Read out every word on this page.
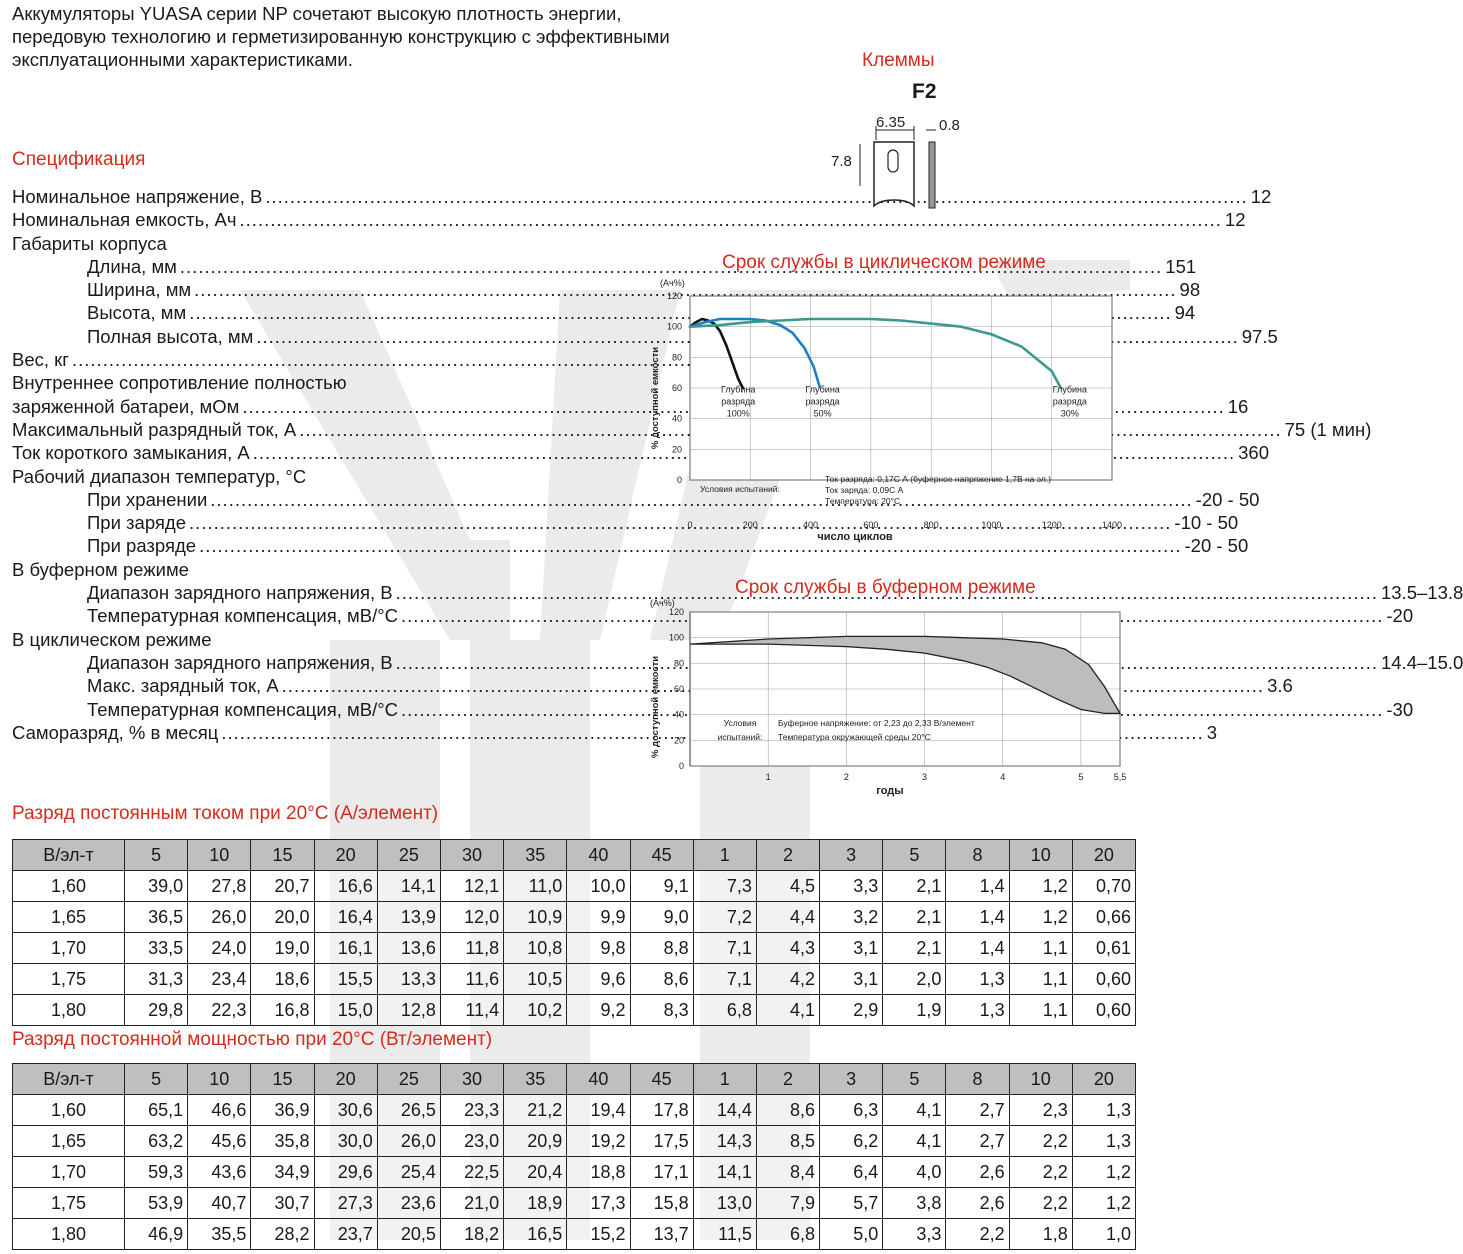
Аккумуляторы YUASA серии NP сочетают высокую плотность энергии, передовую технологию и герметизированную конструкцию с эффективными эксплуатационными характеристиками.

Спецификация
Номинальное напряжение, В .....	12
Номинальная емкость, Ач .....	12
Габариты корпуса
Длина, мм .....	151
Ширина, мм .....	98
Высота, мм .....	94
Полная высота, мм .....	97.5
Вес, кг
.....
Внутреннее сопротивление полностью
заряженной батареи, мОм .....	16
Максимальный разрядный ток, А .....	75 (1 мин)
Ток короткого замыкания, А .....	360
Рабочий диапазон температур, °С
При хранении .....	-20 - 50
При заряде .....	-10 - 50
При разряде .....	-20 - 50
В буферном режиме
Диапазон зарядного напряжения, В .....	13.5–13.8
Температурная компенсация, мВ/°С .....	-20
В циклическом режиме
Диапазон зарядного напряжения, В .....	14.4–15.0
Макс. зарядный ток, А .....	3.6
Температурная компенсация, мВ/°С .....	-30
Саморазряд, % в месяц .....	3
Клеммы

F2

6.35 0.8
7.8
Срок службы в циклическом режиме
0	200	400	600	800	1000	1200	1400
0
20
40
60
80
100
120
(Ач%)
число циклов
% доступной емкости	Глубина разряда 100%
Глубина разряда 50%
Глубина разряда 30%
Условия испытаний:
Ток разряда: 0,17С А (буферное напряжение 1,7В на эл.)
Ток заряда: 0,09С А
Температура: 20°С
Срок службы в буферном режиме
1	2	3	4	5	5,5
0
20
40
60
80
100
120
(Ач%)
годы
% доступной емкости	Условия испытаний:
Буферное напряжение: от 2,23 до 2,33 В/элемент
Температура окружающей среды 20°С
Разряд постоянным током при 20°С (А/элемент)
В/эл-т	5	10	15	20	25	30	35	40	45	1	2	3	5	8	10	20
1,60	39,0	27,8	20,7	16,6	14,1	12,1	11,0	10,0	9,1	7,3	4,5	3,3	2,1	1,4	1,2	0,70
1,65	36,5	26,0	20,0	16,4	13,9	12,0	10,9	9,9	9,0	7,2	4,4	3,2	2,1	1,4	1,2	0,66
1,70	33,5	24,0	19,0	16,1	13,6	11,8	10,8	9,8	8,8	7,1	4,3	3,1	2,1	1,4	1,1	0,61
1,75	31,3	23,4	18,6	15,5	13,3	11,6	10,5	9,6	8,6	7,1	4,2	3,1	2,0	1,3	1,1	0,60
1,80	29,8	22,3	16,8	15,0	12,8	11,4	10,2	9,2	8,3	6,8	4,1	2,9	1,9	1,3	1,1	0,60
Разряд постоянной мощностью при 20°С (Вт/элемент)
В/эл-т	5	10	15	20	25	30	35	40	45	1	2	3	5	8	10	20
1,60	65,1	46,6	36,9	30,6	26,5	23,3	21,2	19,4	17,8	14,4	8,6	6,3	4,1	2,7	2,3	1,3
1,65	63,2	45,6	35,8	30,0	26,0	23,0	20,9	19,2	17,5	14,3	8,5	6,2	4,1	2,7	2,2	1,3
1,70	59,3	43,6	34,9	29,6	25,4	22,5	20,4	18,8	17,1	14,1	8,4	6,4	4,0	2,6	2,2	1,2
1,75	53,9	40,7	30,7	27,3	23,6	21,0	18,9	17,3	15,8	13,0	7,9	5,7	3,8	2,6	2,2	1,2
1,80	46,9	35,5	28,2	23,7	20,5	18,2	16,5	15,2	13,7	11,5	6,8	5,0	3,3	2,2	1,8	1,0
